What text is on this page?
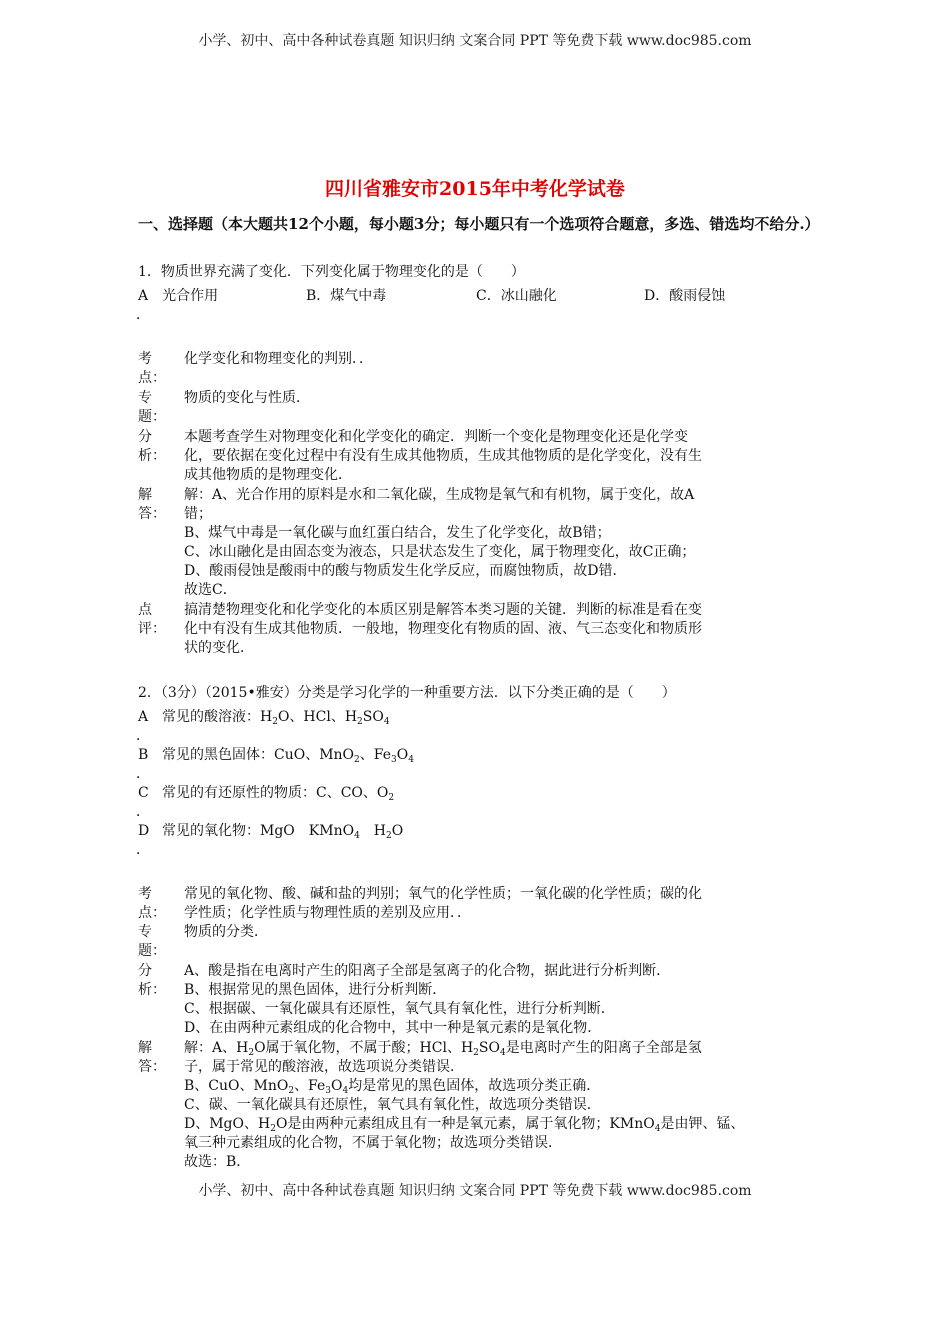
小学、初中、高中各种试卷真题 知识归纳 文案合同 PPT 等免费下载 www.doc985.com
四川省雅安市2015年中考化学试卷
一、选择题（本大题共12个小题，每小题3分；每小题只有一个选项符合题意，多选、错选均不给分.）
1．物质世界充满了变化．下列变化属于物理变化的是（　　）
A　光合作用	B．煤气中毒	C．冰山融化	D．酸雨侵蚀
．
考
点：
化学变化和物理变化的判别．．
专
题：
物质的变化与性质．
分
析：
本题考查学生对物理变化和化学变化的确定．判断一个变化是物理变化还是化学变
化，要依据在变化过程中有没有生成其他物质，生成其他物质的是化学变化，没有生
成其他物质的是物理变化．
解
答：
解：A、光合作用的原料是水和二氧化碳，生成物是氧气和有机物，属于变化，故A
错；
B、煤气中毒是一氧化碳与血红蛋白结合，发生了化学变化，故B错；
C、冰山融化是由固态变为液态，只是状态发生了变化，属于物理变化，故C正确；
D、酸雨侵蚀是酸雨中的酸与物质发生化学反应，而腐蚀物质，故D错．
故选C．
点
评：
搞清楚物理变化和化学变化的本质区别是解答本类习题的关键．判断的标准是看在变
化中有没有生成其他物质．一般地，物理变化有物质的固、液、气三态变化和物质形
状的变化．
2．（3分）（2015•雅安）分类是学习化学的一种重要方法．以下分类正确的是（　　）
A 常见的酸溶液：$H_2O$、HCl、$H_2SO_4$
．
B 常见的黑色固体：CuO、MnO$_2$、$Fe_3O_4$
．
C 常见的有还原性的物质：C、CO、$O_2$
．
D 常见的氧化物：MgO　KMnO$_4$　$H_2O$
．
考
点：
常见的氧化物、酸、碱和盐的判别；氧气的化学性质；一氧化碳的化学性质；碳的化
学性质；化学性质与物理性质的差别及应用．．
专
题：
物质的分类．
分
析：
A、酸是指在电离时产生的阳离子全部是氢离子的化合物，据此进行分析判断．
B、根据常见的黑色固体，进行分析判断．
C、根据碳、一氧化碳具有还原性，氧气具有氧化性，进行分析判断．
D、在由两种元素组成的化合物中，其中一种是氧元素的是氧化物．
解
答：
解：A、$H_2O$属于氧化物，不属于酸；HCl、$H_2SO_4$是电离时产生的阳离子全部是氢
子，属于常见的酸溶液，故选项说分类错误．
B、CuO、MnO$_2$、$Fe_3O_4$均是常见的黑色固体，故选项分类正确．
C、碳、一氧化碳具有还原性，氧气具有氧化性，故选项分类错误．
D、MgO、$H_2O$是由两种元素组成且有一种是氧元素，属于氧化物；KMnO$_4$是由钾、锰、
氧三种元素组成的化合物，不属于氧化物；故选项分类错误．
故选：B．
小学、初中、高中各种试卷真题 知识归纳 文案合同 PPT 等免费下载 www.doc985.com
